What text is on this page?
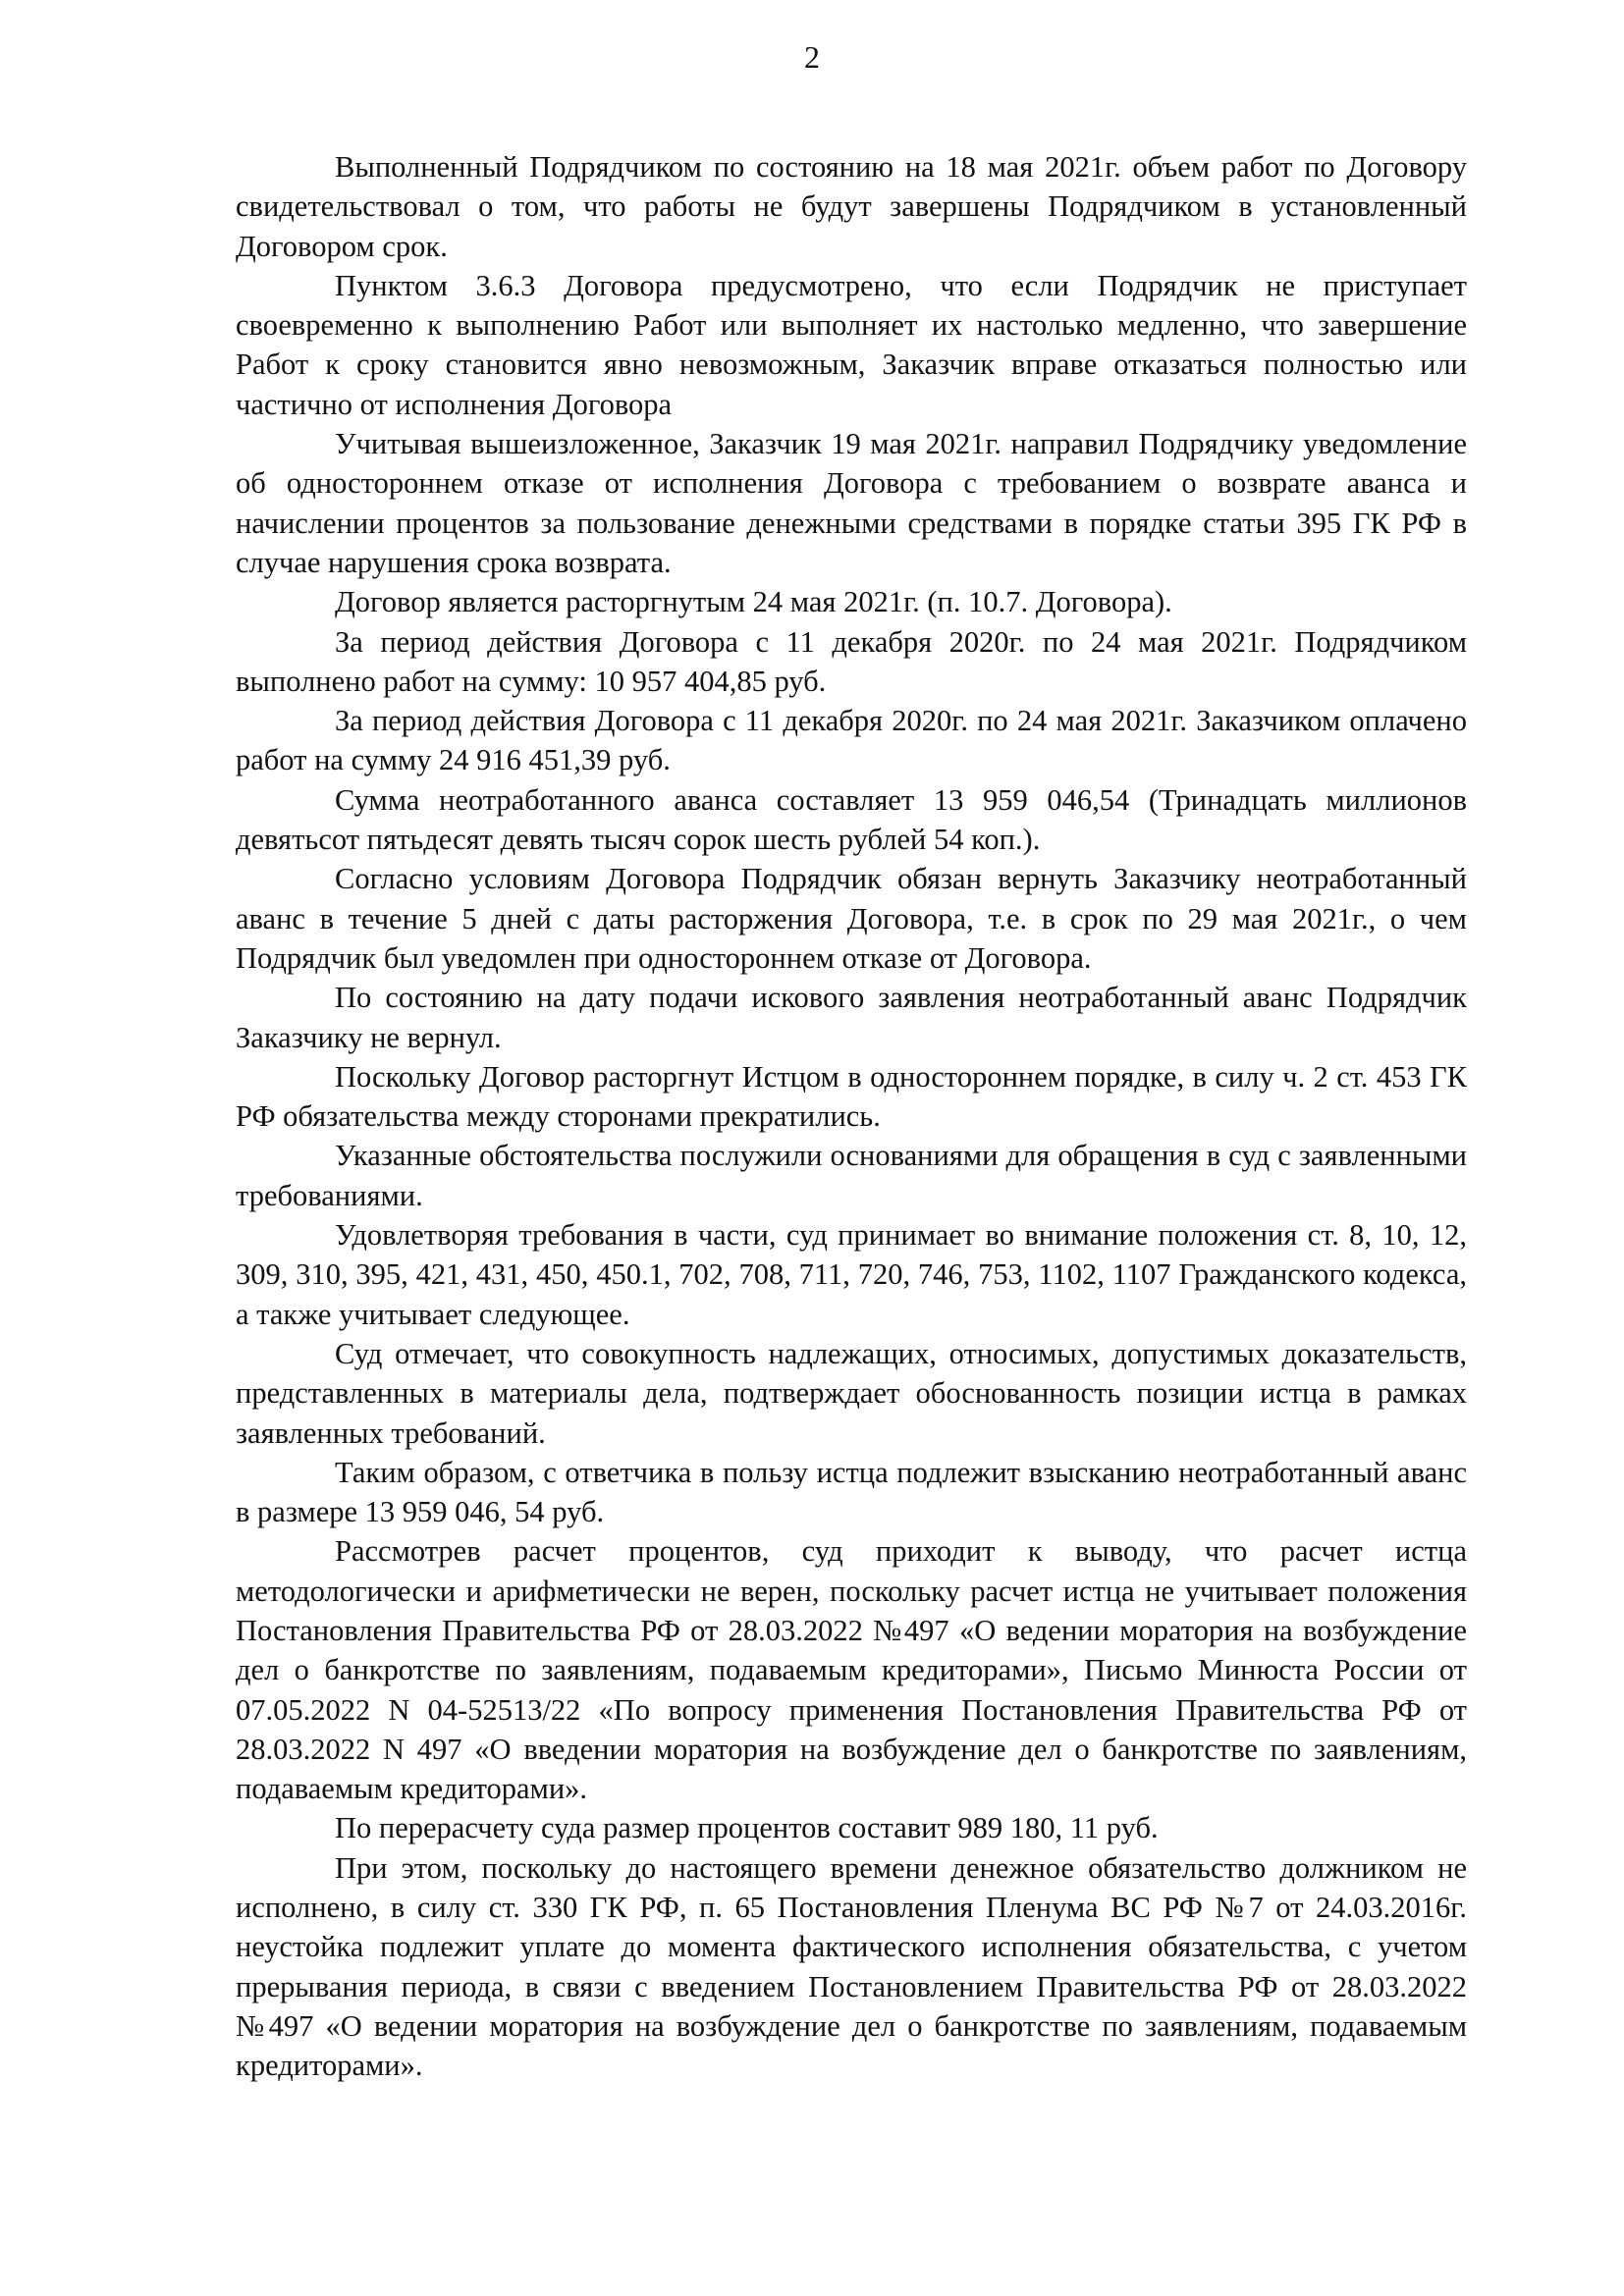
2

Выполненный Подрядчиком по состоянию на 18 мая 2021г. объем работ по Договору свидетельствовал о том, что работы не будут завершены Подрядчиком в установленный Договором срок.

Пунктом 3.6.3 Договора предусмотрено, что если Подрядчик не приступает своевременно к выполнению Работ или выполняет их настолько медленно, что завершение Работ к сроку становится явно невозможным, Заказчик вправе отказаться полностью или частично от исполнения Договора

Учитывая вышеизложенное, Заказчик 19 мая 2021г. направил Подрядчику уведомление об одностороннем отказе от исполнения Договора с требованием о возврате аванса и начислении процентов за пользование денежными средствами в порядке статьи 395 ГК РФ в случае нарушения срока возврата.

Договор является расторгнутым 24 мая 2021г. (п. 10.7. Договора).

За период действия Договора с 11 декабря 2020г. по 24 мая 2021г. Подрядчиком выполнено работ на сумму: 10 957 404,85 руб.

За период действия Договора с 11 декабря 2020г. по 24 мая 2021г. Заказчиком оплачено работ на сумму 24 916 451,39 руб.

Сумма неотработанного аванса составляет 13 959 046,54 (Тринадцать миллионов девятьсот пятьдесят девять тысяч сорок шесть рублей 54 коп.).

Согласно условиям Договора Подрядчик обязан вернуть Заказчику неотработанный аванс в течение 5 дней с даты расторжения Договора, т.е. в срок по 29 мая 2021г., о чем Подрядчик был уведомлен при одностороннем отказе от Договора.

По состоянию на дату подачи искового заявления неотработанный аванс Подрядчик Заказчику не вернул.

Поскольку Договор расторгнут Истцом в одностороннем порядке, в силу ч. 2 ст. 453 ГК РФ обязательства между сторонами прекратились.

Указанные обстоятельства послужили основаниями для обращения в суд с заявленными требованиями.

Удовлетворяя требования в части, суд принимает во внимание положения ст. 8, 10, 12, 309, 310, 395, 421, 431, 450, 450.1, 702, 708, 711, 720, 746, 753, 1102, 1107 Гражданского кодекса, а также учитывает следующее.

Суд отмечает, что совокупность надлежащих, относимых, допустимых доказательств, представленных в материалы дела, подтверждает обоснованность позиции истца в рамках заявленных требований.

Таким образом, с ответчика в пользу истца подлежит взысканию неотработанный аванс в размере 13 959 046, 54 руб.

Рассмотрев расчет процентов, суд приходит к выводу, что расчет истца методологически и арифметически не верен, поскольку расчет истца не учитывает положения Постановления Правительства РФ от 28.03.2022 №497 «О ведении моратория на возбуждение дел о банкротстве по заявлениям, подаваемым кредиторами», Письмо Минюста России от 07.05.2022 N 04-52513/22 «По вопросу применения Постановления Правительства РФ от 28.03.2022 N 497 «О введении моратория на возбуждение дел о банкротстве по заявлениям, подаваемым кредиторами».

По перерасчету суда размер процентов составит 989 180, 11 руб.

При этом, поскольку до настоящего времени денежное обязательство должником не исполнено, в силу ст. 330 ГК РФ, п. 65 Постановления Пленума ВС РФ №7 от 24.03.2016г. неустойка подлежит уплате до момента фактического исполнения обязательства, с учетом прерывания периода, в связи с введением Постановлением Правительства РФ от 28.03.2022 №497 «О ведении моратория на возбуждение дел о банкротстве по заявлениям, подаваемым кредиторами».
